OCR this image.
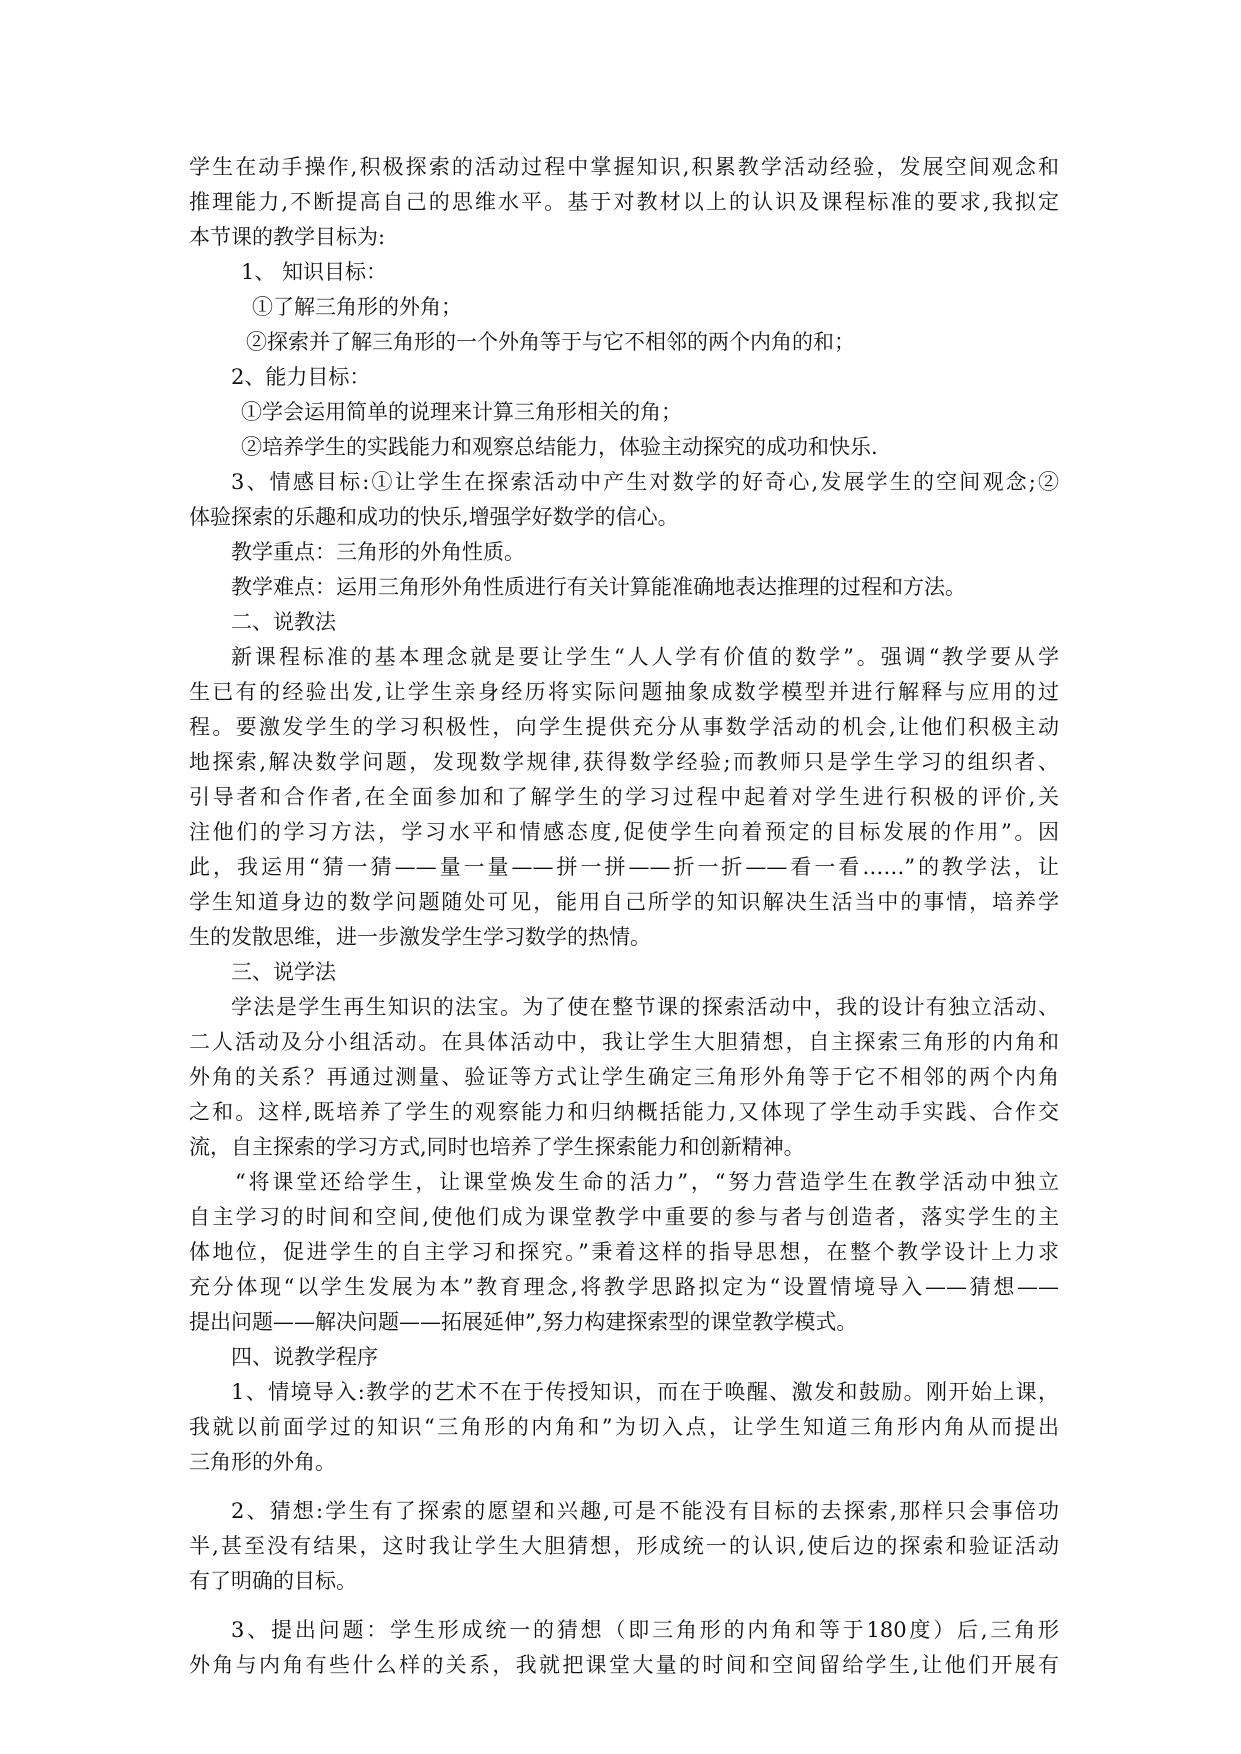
学生在动手操作,积极探索的活动过程中掌握知识,积累教学活动经验，发展空间观念和
推理能力,不断提高自己的思维水平。基于对教材以上的认识及课程标准的要求,我拟定
本节课的教学目标为:
1、 知识目标：
①了解三角形的外角；
②探索并了解三角形的一个外角等于与它不相邻的两个内角的和；
2、能力目标：
①学会运用简单的说理来计算三角形相关的角；
②培养学生的实践能力和观察总结能力，体验主动探究的成功和快乐.
3、情感目标:①让学生在探索活动中产生对数学的好奇心,发展学生的空间观念;②
体验探索的乐趣和成功的快乐,增强学好数学的信心。
教学重点：三角形的外角性质。
教学难点：运用三角形外角性质进行有关计算能准确地表达推理的过程和方法。
二、说教法
新课程标准的基本理念就是要让学生“人人学有价值的数学”。强调“教学要从学
生已有的经验出发,让学生亲身经历将实际问题抽象成数学模型并进行解释与应用的过
程。要激发学生的学习积极性，向学生提供充分从事数学活动的机会,让他们积极主动
地探索,解决数学问题，发现数学规律,获得数学经验;而教师只是学生学习的组织者、
引导者和合作者,在全面参加和了解学生的学习过程中起着对学生进行积极的评价,关
注他们的学习方法，学习水平和情感态度,促使学生向着预定的目标发展的作用”。因
此，我运用“猜一猜——量一量——拼一拼——折一折——看一看……”的教学法，让
学生知道身边的数学问题随处可见，能用自己所学的知识解决生活当中的事情，培养学
生的发散思维，进一步激发学生学习数学的热情。
三、说学法
学法是学生再生知识的法宝。为了使在整节课的探索活动中，我的设计有独立活动、
二人活动及分小组活动。在具体活动中，我让学生大胆猜想，自主探索三角形的内角和
外角的关系？再通过测量、验证等方式让学生确定三角形外角等于它不相邻的两个内角
之和。这样,既培养了学生的观察能力和归纳概括能力,又体现了学生动手实践、合作交
流，自主探索的学习方式,同时也培养了学生探索能力和创新精神。
“将课堂还给学生，让课堂焕发生命的活力”，“努力营造学生在教学活动中独立
自主学习的时间和空间,使他们成为课堂教学中重要的参与者与创造者，落实学生的主
体地位，促进学生的自主学习和探究。”秉着这样的指导思想，在整个教学设计上力求
充分体现“以学生发展为本”教育理念,将教学思路拟定为“设置情境导入——猜想——
提出问题——解决问题——拓展延伸”,努力构建探索型的课堂教学模式。
四、说教学程序
1、情境导入:教学的艺术不在于传授知识，而在于唤醒、激发和鼓励。刚开始上课，
我就以前面学过的知识“三角形的内角和”为切入点，让学生知道三角形内角从而提出
三角形的外角。
2、猜想:学生有了探索的愿望和兴趣,可是不能没有目标的去探索,那样只会事倍功
半,甚至没有结果，这时我让学生大胆猜想，形成统一的认识,使后边的探索和验证活动
有了明确的目标。
3、提出问题：学生形成统一的猜想（即三角形的内角和等于180度）后,三角形
外角与内角有些什么样的关系，我就把课堂大量的时间和空间留给学生,让他们开展有
